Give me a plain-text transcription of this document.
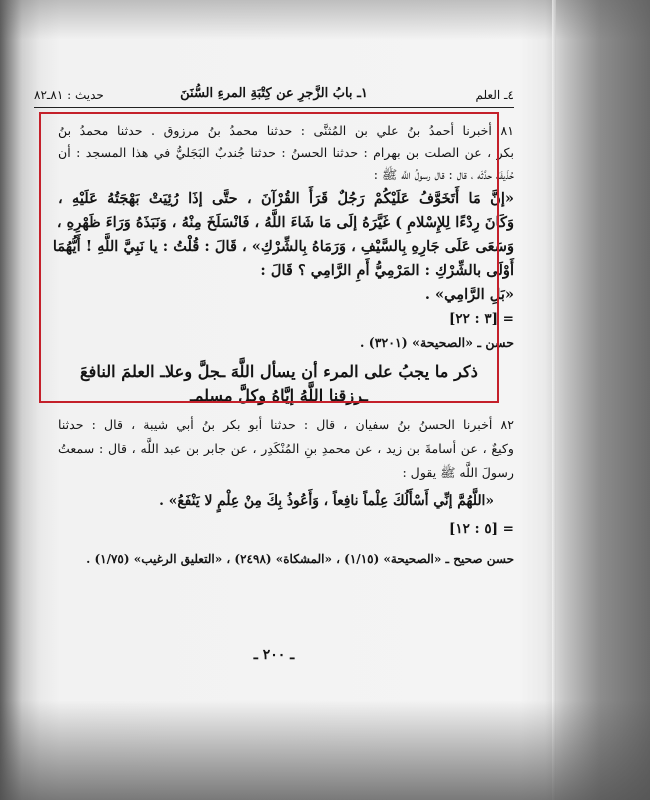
٤ـ العلم
١ـ بابُ الزَّجرِ عن كِتْبَةِ المرءِ السُّنَنَ
حديث : ٨١ـ٨٢
٨١ أخبرنا أحمدُ بنُ علي بن المُثنَّى : حدثنا محمدُ بنُ مرزوق . حدثنا محمدُ بنُ
بكر ، عن الصلت بن بهرام : حدثنا الحسنُ : حدثنا جُندبٌ البَجَليُّ في هذا المسجد : أن
حُذَيفَة حدَّثَه ، قال : قال رسولُ اللَّه ﷺ :
«إنَّ مَا أَتَخَوَّفُ عَلَيْكُمْ رَجُلٌ قَرَأَ القُرْآنَ ، حتَّى إذَا رُئِيَتْ بَهْجَتُهُ عَلَيْهِ ،
وَكَانَ رِدْءًا لِلإِسْلامِ ) غَيَّرَهُ إلَى مَا شَاءَ اللَّهُ ، فَانْسَلَخَ مِنْهُ ، وَنَبَذَهُ وَرَاءَ ظَهْرِهِ ،
وَسَعَى عَلَى جَارِهِ بِالسَّيْفِ ، وَرَمَاهُ بِالشِّرْكِ» ، قَالَ : قُلْتُ : يا نَبِيَّ اللَّهِ ! أَيُّهُمَا
أَوْلَى بالشِّرْكِ : المَرْمِيُّ أَمِ الرَّامِي ؟ قَالَ :
«بَلِ الرَّامِي» .
= [٣ : ٢٢]
حسن ـ «الصحيحة» (٣٢٠١) .
ذكر ما يجبُ على المرء أن يسأل اللَّهَ ـجلَّ وعلاـ العلمَ النافعَ
ـرزقنا اللَّهُ إيَّاهُ وكلَّ مسلمـ
٨٢ أخبرنا الحسنُ بنُ سفيان ، قال : حدثنا أبو بكر بنُ أبي شيبة ، قال : حدثنا
وكيعٌ ، عن أسامةَ بن زيد ، عن محمدِ بنِ المُنْكَدِر ، عن جابر بن عبد اللَّه ، قال : سمعتُ
رسولَ اللَّه ﷺ يقول :
«اللَّهُمَّ إنِّي أَسْأَلُكَ عِلْماً نافِعاً ، وَأَعُوذُ بِكَ مِنْ عِلْمٍ لا يَنْفَعُ» .
= [٥ : ١٢]
حسن صحيح ـ «الصحيحة» (١/١٥) ، «المشكاة» (٢٤٩٨) ، «التعليق الرغيب» (١/٧٥) .
ـ ٢٠٠ ـ
